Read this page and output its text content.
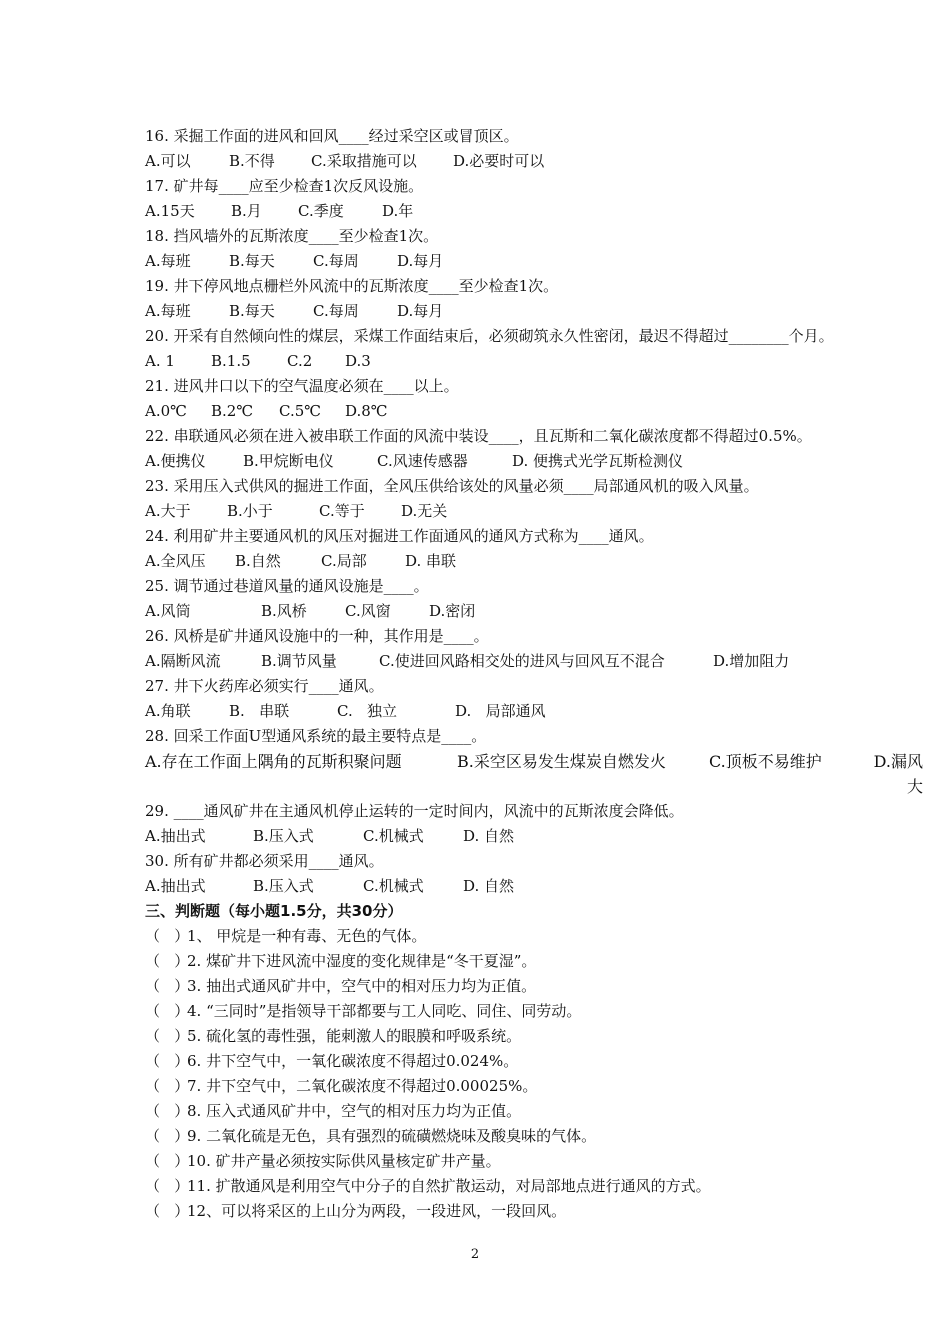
16. 采掘工作面的进风和回风____经过采空区或冒顶区。
A.可以	B.不得	C.采取措施可以	D.必要时可以
17. 矿井每____应至少检查1次反风设施。
A.15天	B.月	C.季度	D.年
18. 挡风墙外的瓦斯浓度____至少检查1次。
A.每班	B.每天	C.每周	D.每月
19. 井下停风地点栅栏外风流中的瓦斯浓度____至少检查1次。
A.每班	B.每天	C.每周	D.每月
20. 开采有自然倾向性的煤层，采煤工作面结束后，必须砌筑永久性密闭，最迟不得超过________个月。
A. 1	B.1.5	C.2	D.3
21. 进风井口以下的空气温度必须在____以上。
A.0℃	B.2℃	C.5℃	D.8℃
22. 串联通风必须在进入被串联工作面的风流中装设____，且瓦斯和二氧化碳浓度都不得超过0.5%。
A.便携仪	B.甲烷断电仪	C.风速传感器	D. 便携式光学瓦斯检测仪
23. 采用压入式供风的掘进工作面，全风压供给该处的风量必须____局部通风机的吸入风量。
A.大于	B.小于	C.等于	D.无关
24. 利用矿井主要通风机的风压对掘进工作面通风的通风方式称为____通风。
A.全风压	B.自然	C.局部	D. 串联
25. 调节通过巷道风量的通风设施是____。
A.风筒	B.风桥	C.风窗	D.密闭
26. 风桥是矿井通风设施中的一种，其作用是____。
A.隔断风流	B.调节风量	C.使进回风路相交处的进风与回风互不混合	D.增加阻力
27. 井下火药库必须实行____通风。
A.角联	B.   串联	C.   独立	D.   局部通风
28. 回采工作面U型通风系统的最主要特点是____。
A.存在工作面上隅角的瓦斯积聚问题	B.采空区易发生煤炭自燃发火	C.顶板不易维护	D.漏风大
29. ____通风矿井在主通风机停止运转的一定时间内，风流中的瓦斯浓度会降低。
A.抽出式	B.压入式	C.机械式	D. 自然
30. 所有矿井都必须采用____通风。
A.抽出式	B.压入式	C.机械式	D. 自然
三、判断题（每小题1.5分，共30分）
（   ）
1、 甲烷是一种有毒、无色的气体。
（   ）
2. 煤矿井下进风流中湿度的变化规律是“冬干夏湿”。
（   ）
3. 抽出式通风矿井中，空气中的相对压力均为正值。
（   ）
4. “三同时”是指领导干部都要与工人同吃、同住、同劳动。
（   ）
5. 硫化氢的毒性强，能刺激人的眼膜和呼吸系统。
（   ）
6. 井下空气中，一氧化碳浓度不得超过0.024%。
（   ）
7. 井下空气中，二氧化碳浓度不得超过0.00025%。
（   ）
8. 压入式通风矿井中，空气的相对压力均为正值。
（   ）
9. 二氧化硫是无色，具有强烈的硫磺燃烧味及酸臭味的气体。
（   ）
10. 矿井产量必须按实际供风量核定矿井产量。
（   ）
11. 扩散通风是利用空气中分子的自然扩散运动，对局部地点进行通风的方式。
（   ）
12、可以将采区的上山分为两段，一段进风，一段回风。
2
